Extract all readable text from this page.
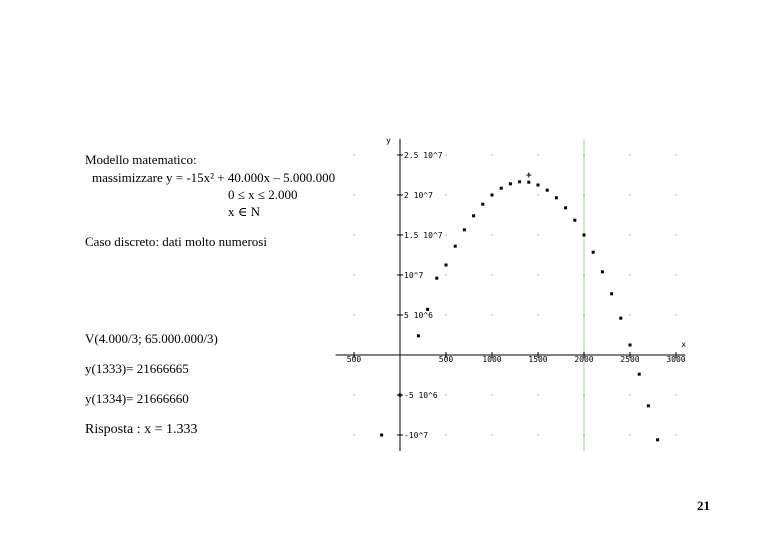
Modello matematico:
massimizzare y = -15x² + 40.000x – 5.000.000
0 ≤ x ≤ 2.000
x ∈ N
Caso discreto: dati molto numerosi
V(4.000/3; 65.000.000/3)
y(1333)= 21666665
y(1334)= 21666660
Risposta : x = 1.333
21
x
y
500	500	1000	1500	2000	2500	3000
2.5 10^7
2 10^7
1.5 10^7
10^7
5 10^6
-5 10^6
-10^7
